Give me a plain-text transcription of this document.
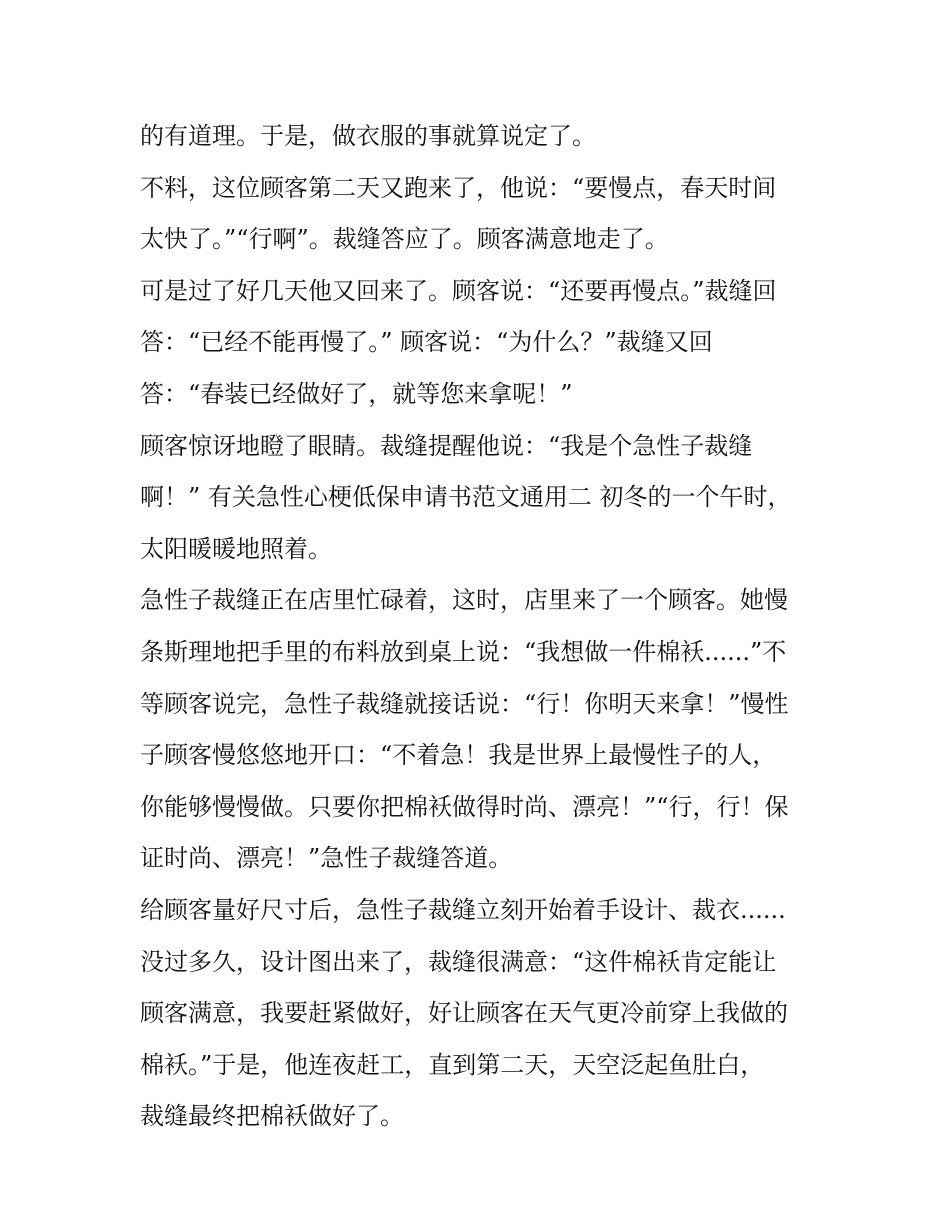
的有道理。于是，做衣服的事就算说定了。

不料，这位顾客第二天又跑来了，他说：“要慢点，春天时间

太快了。”“行啊”。裁缝答应了。顾客满意地走了。

可是过了好几天他又回来了。顾客说：“还要再慢点。”裁缝回

答：“已经不能再慢了。” 顾客说：“为什么？”裁缝又回

答：“春装已经做好了，就等您来拿呢！”

顾客惊讶地瞪了眼睛。裁缝提醒他说：“我是个急性子裁缝

啊！” 有关急性心梗低保申请书范文通用二 初冬的一个午时，

太阳暖暖地照着。

急性子裁缝正在店里忙碌着，这时，店里来了一个顾客。她慢

条斯理地把手里的布料放到桌上说：“我想做一件棉袄......”不

等顾客说完，急性子裁缝就接话说：“行！你明天来拿！”慢性

子顾客慢悠悠地开口：“不着急！我是世界上最慢性子的人，

你能够慢慢做。只要你把棉袄做得时尚、漂亮！”“行，行！保

证时尚、漂亮！”急性子裁缝答道。

给顾客量好尺寸后，急性子裁缝立刻开始着手设计、裁衣......

没过多久，设计图出来了，裁缝很满意：“这件棉袄肯定能让

顾客满意，我要赶紧做好，好让顾客在天气更冷前穿上我做的

棉袄。”于是，他连夜赶工，直到第二天，天空泛起鱼肚白，

裁缝最终把棉袄做好了。
